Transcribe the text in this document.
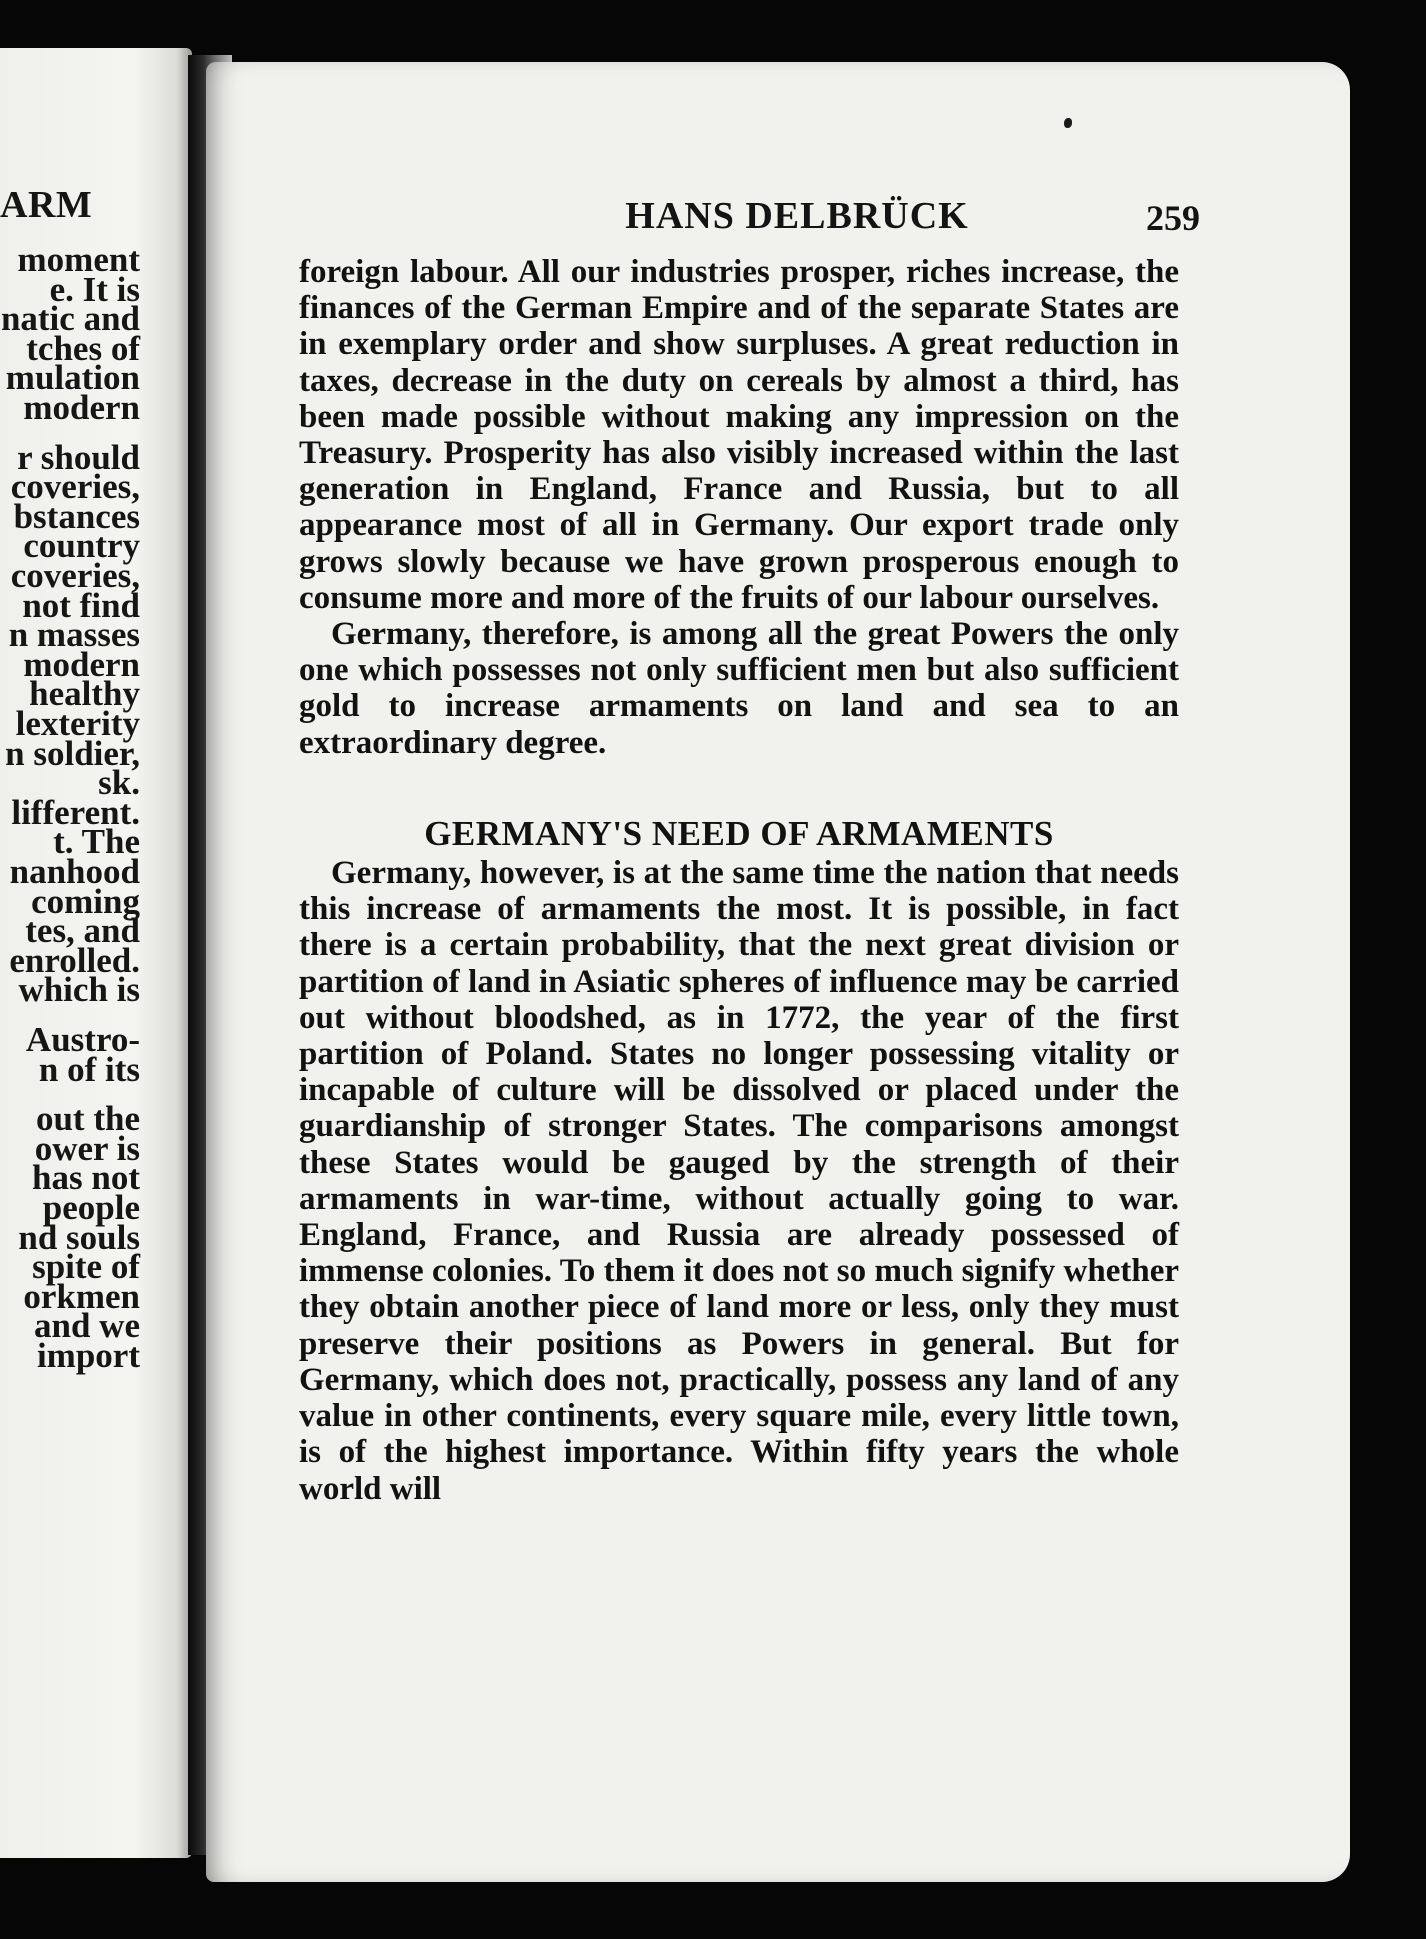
ARM
moment
e. It is
natic and
tches of
mulation
modern
r should
coveries,
bstances
country
coveries,
not find
n masses
modern
healthy
lexterity
n soldier,
sk.
lifferent.
t. The
nanhood
coming
tes, and
enrolled.
which is
Austro-
n of its
out the
ower is
has not
people
nd souls
spite of
orkmen
and we
import
HANS DELBRÜCK	259

foreign labour. All our industries prosper, riches increase, the finances of the German Empire and of the separate States are in exemplary order and show surpluses. A great reduction in taxes, decrease in the duty on cereals by almost a third, has been made possible without making any impression on the Treasury. Prosperity has also visibly increased within the last generation in England, France and Russia, but to all appearance most of all in Germany. Our export trade only grows slowly because we have grown prosperous enough to consume more and more of the fruits of our labour ourselves.

Germany, therefore, is among all the great Powers the only one which possesses not only sufficient men but also sufficient gold to increase armaments on land and sea to an extraordinary degree.

GERMANY'S NEED OF ARMAMENTS

Germany, however, is at the same time the nation that needs this increase of armaments the most. It is possible, in fact there is a certain probability, that the next great division or partition of land in Asiatic spheres of influence may be carried out without bloodshed, as in 1772, the year of the first partition of Poland. States no longer possessing vitality or incapable of culture will be dissolved or placed under the guardianship of stronger States. The comparisons amongst these States would be gauged by the strength of their armaments in war-time, without actually going to war. England, France, and Russia are already possessed of immense colonies. To them it does not so much signify whether they obtain another piece of land more or less, only they must preserve their positions as Powers in general. But for Germany, which does not, practically, possess any land of any value in other continents, every square mile, every little town, is of the highest importance. Within fifty years the whole world will
